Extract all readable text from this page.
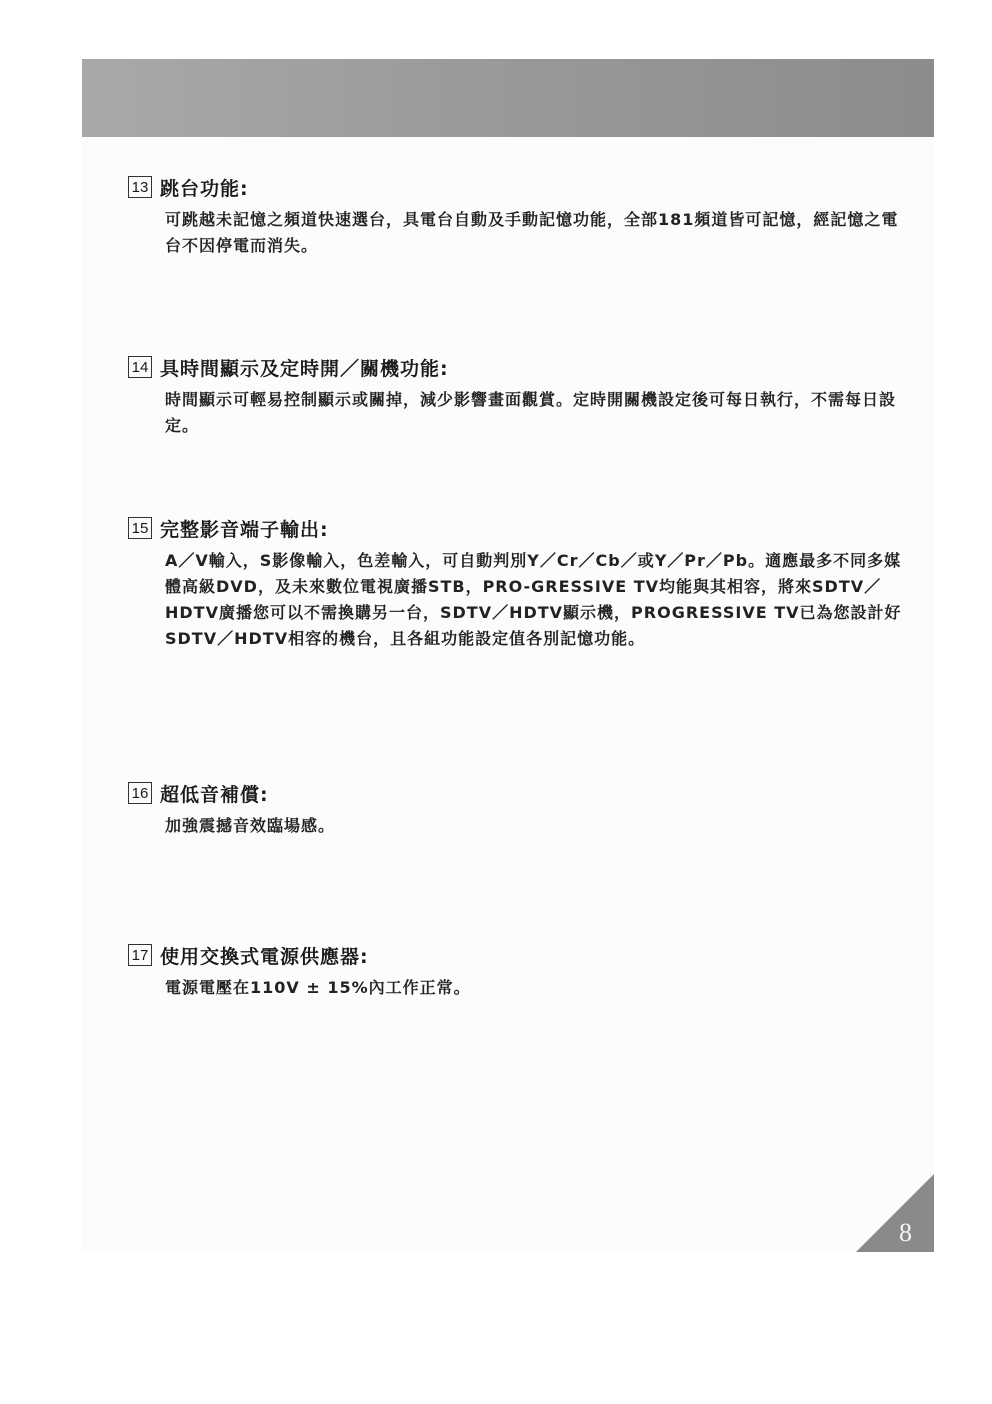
13 跳台功能:
可跳越未記憶之頻道快速選台，具電台自動及手動記憶功能，全部181頻道皆可記憶，經記憶之電台不因停電而消失。
14 具時間顯示及定時開／關機功能:
時間顯示可輕易控制顯示或關掉，減少影響畫面觀賞。定時開關機設定後可每日執行，不需每日設定。
15 完整影音端子輸出:
A／V輸入，S影像輸入，色差輸入，可自動判別Y／Cr／Cb／或Y／Pr／Pb。適應最多不同多媒體高級DVD，及未來數位電視廣播STB，PRO-GRESSIVE TV均能與其相容，將來SDTV／HDTV廣播您可以不需換購另一台，SDTV／HDTV顯示機，PROGRESSIVE TV已為您設計好SDTV／HDTV相容的機台，且各組功能設定值各別記憶功能。
16 超低音補償:
加強震撼音效臨場感。
17 使用交換式電源供應器:
電源電壓在110V ± 15%內工作正常。
8
